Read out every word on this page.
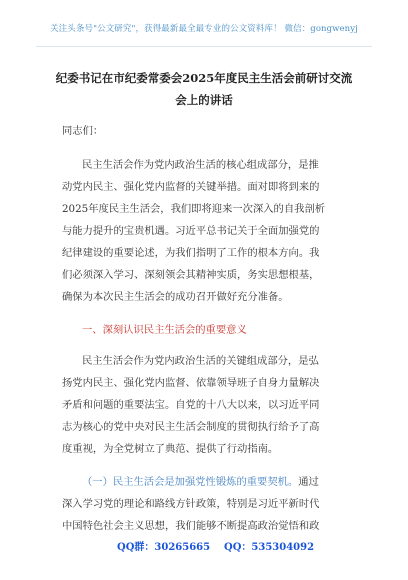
关注头条号"公文研究"，获得最新最全最专业的公文资料库！ 微信：gongwenyj
纪委书记在市纪委常委会2025年度民主生活会前研讨交流
会上的讲话
同志们：
民主生活会作为党内政治生活的核心组成部分，是推
动党内民主、强化党内监督的关键举措。面对即将到来的
2025年度民主生活会，我们即将迎来一次深入的自我剖析
与能力提升的宝贵机遇。习近平总书记关于全面加强党的
纪律建设的重要论述，为我们指明了工作的根本方向。我
们必须深入学习、深刻领会其精神实质，务实思想根基，
确保为本次民主生活会的成功召开做好充分准备。
一、深刻认识民主生活会的重要意义
民主生活会作为党内政治生活的关键组成部分，是弘
扬党内民主、强化党内监督、依靠领导班子自身力量解决
矛盾和问题的重要法宝。自党的十八大以来，以习近平同
志为核心的党中央对民主生活会制度的贯彻执行给予了高
度重视，为全党树立了典范、提供了行动指南。
（一）民主生活会是加强党性锻炼的重要契机。通过
深入学习党的理论和路线方针政策，特别是习近平新时代
中国特色社会主义思想，我们能够不断提高政治觉悟和政
QQ群：30265665 QQ：535304092
